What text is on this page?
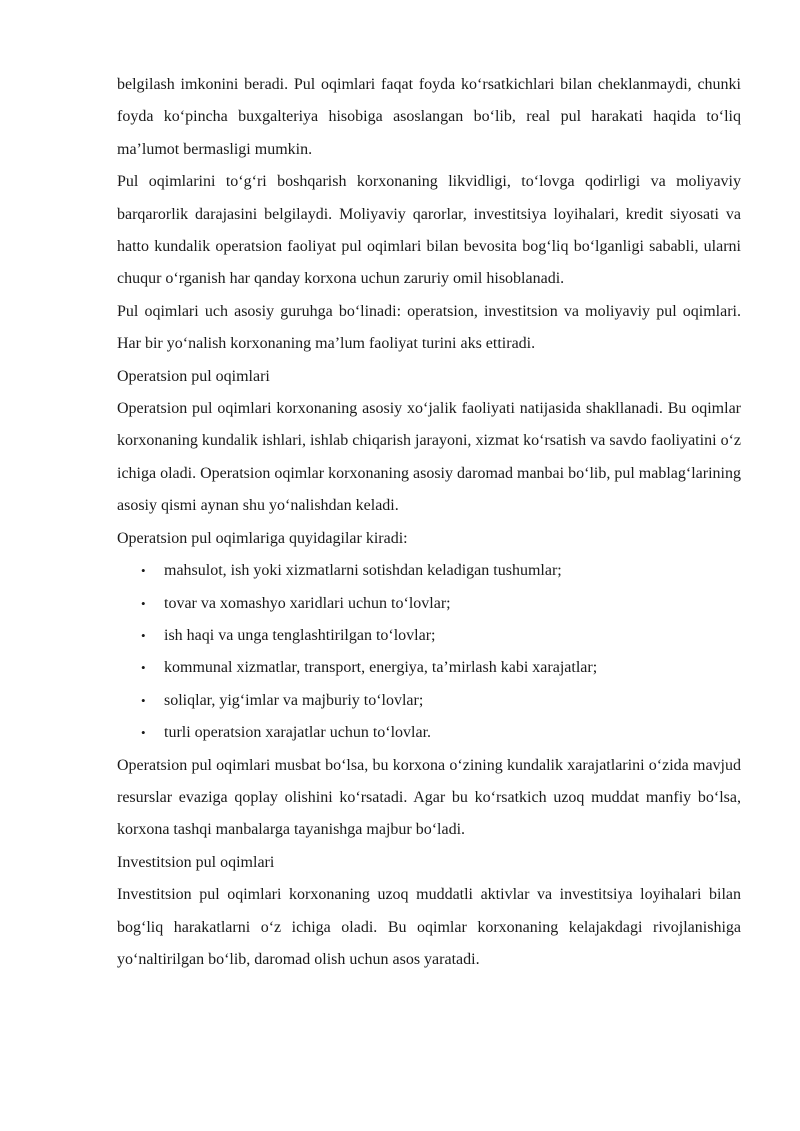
belgilash imkonini beradi. Pul oqimlari faqat foyda ko‘rsatkichlari bilan cheklanmaydi, chunki foyda ko‘pincha buxgalteriya hisobiga asoslangan bo‘lib, real pul harakati haqida to‘liq ma’lumot bermasligi mumkin.

Pul oqimlarini to‘g‘ri boshqarish korxonaning likvidligi, to‘lovga qodirligi va moliyaviy barqarorlik darajasini belgilaydi. Moliyaviy qarorlar, investitsiya loyihalari, kredit siyosati va hatto kundalik operatsion faoliyat pul oqimlari bilan bevosita bog‘liq bo‘lganligi sababli, ularni chuqur o‘rganish har qanday korxona uchun zaruriy omil hisoblanadi.

Pul oqimlari uch asosiy guruhga bo‘linadi: operatsion, investitsion va moliyaviy pul oqimlari. Har bir yo‘nalish korxonaning ma’lum faoliyat turini aks ettiradi.

Operatsion pul oqimlari

Operatsion pul oqimlari korxonaning asosiy xo‘jalik faoliyati natijasida shakllanadi. Bu oqimlar korxonaning kundalik ishlari, ishlab chiqarish jarayoni, xizmat ko‘rsatish va savdo faoliyatini o‘z ichiga oladi. Operatsion oqimlar korxonaning asosiy daromad manbai bo‘lib, pul mablag‘larining asosiy qismi aynan shu yo‘nalishdan keladi.

Operatsion pul oqimlariga quyidagilar kiradi:

• mahsulot, ish yoki xizmatlarni sotishdan keladigan tushumlar;
• tovar va xomashyo xaridlari uchun to‘lovlar;
• ish haqi va unga tenglashtirilgan to‘lovlar;
• kommunal xizmatlar, transport, energiya, ta’mirlash kabi xarajatlar;
• soliqlar, yig‘imlar va majburiy to‘lovlar;
• turli operatsion xarajatlar uchun to‘lovlar.

Operatsion pul oqimlari musbat bo‘lsa, bu korxona o‘zining kundalik xarajatlarini o‘zida mavjud resurslar evaziga qoplay olishini ko‘rsatadi. Agar bu ko‘rsatkich uzoq muddat manfiy bo‘lsa, korxona tashqi manbalarga tayanishga majbur bo‘ladi.

Investitsion pul oqimlari

Investitsion pul oqimlari korxonaning uzoq muddatli aktivlar va investitsiya loyihalari bilan bog‘liq harakatlarni o‘z ichiga oladi. Bu oqimlar korxonaning kelajakdagi rivojlanishiga yo‘naltirilgan bo‘lib, daromad olish uchun asos yaratadi.
